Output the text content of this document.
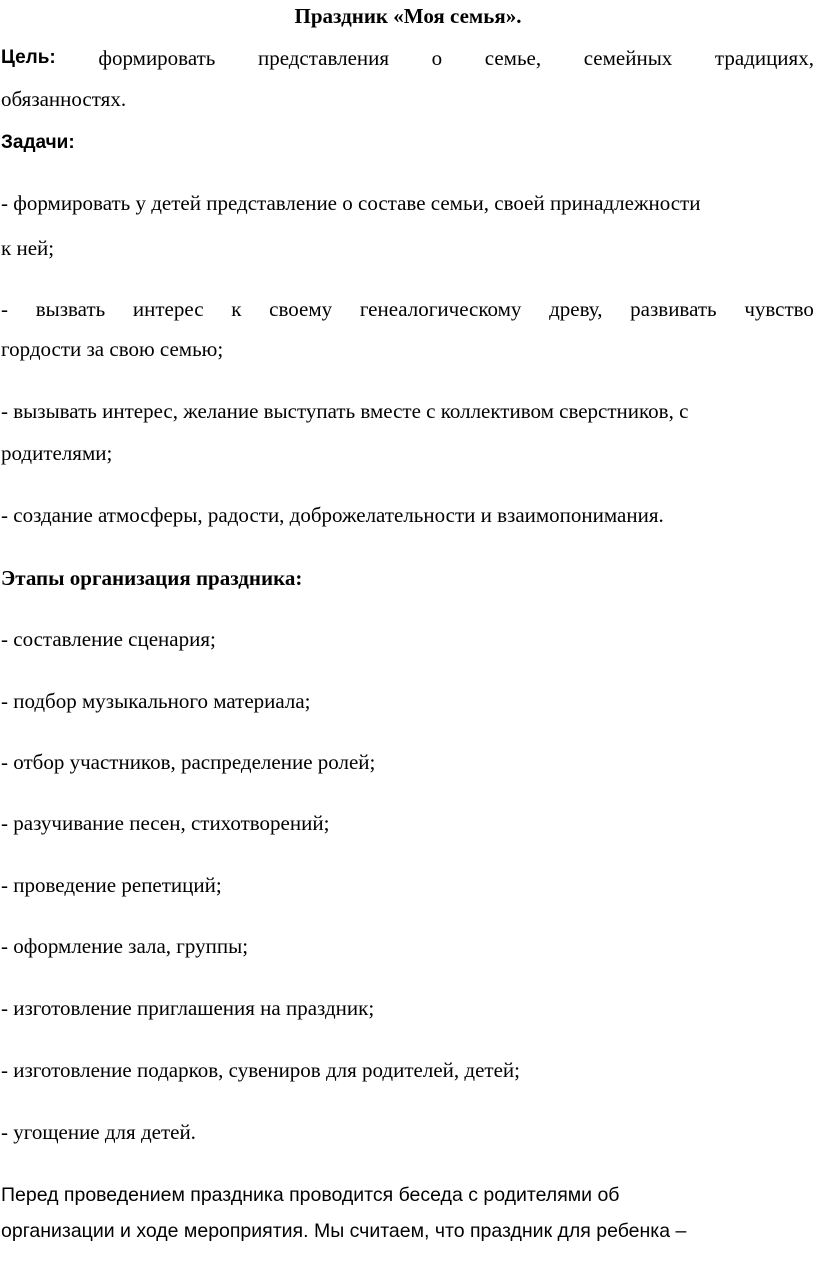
Праздник «Моя семья».
Цель: формировать представления о семье, семейных традициях,
обязанностях.
Задачи:
- формировать у детей представление о составе семьи, своей принадлежности
к ней;
- вызвать интерес к своему генеалогическому древу, развивать чувство
гордости за свою семью;
- вызывать интерес, желание выступать вместе с коллективом сверстников, с
родителями;
- создание атмосферы, радости, доброжелательности и взаимопонимания.
Этапы организация праздника:
- составление сценария;
- подбор музыкального материала;
- отбор участников, распределение ролей;
- разучивание песен, стихотворений;
- проведение репетиций;
- оформление зала, группы;
- изготовление приглашения на праздник;
- изготовление подарков, сувениров для родителей, детей;
- угощение для детей.
Перед проведением праздника проводится беседа с родителями об
организации и ходе мероприятия. Мы считаем, что праздник для ребенка –
